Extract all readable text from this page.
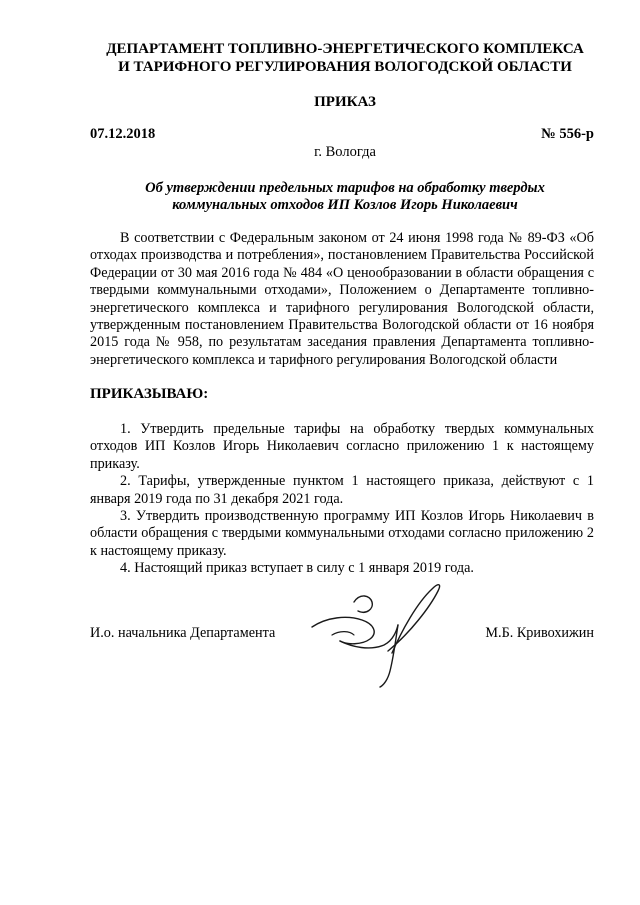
ДЕПАРТАМЕНТ ТОПЛИВНО-ЭНЕРГЕТИЧЕСКОГО КОМПЛЕКСА
И ТАРИФНОГО РЕГУЛИРОВАНИЯ ВОЛОГОДСКОЙ ОБЛАСТИ
ПРИКАЗ
07.12.2018	№ 556-р
г. Вологда
Об утверждении предельных тарифов на обработку твердых
коммунальных отходов ИП Козлов Игорь Николаевич
В соответствии с Федеральным законом от 24 июня 1998 года № 89-ФЗ «Об отходах производства и потребления», постановлением Правительства Российской Федерации от 30 мая 2016 года № 484 «О ценообразовании в области обращения с твердыми коммунальными отходами», Положением о Департаменте топливно-энергетического комплекса и тарифного регулирования Вологодской области, утвержденным постановлением Правительства Вологодской области от 16 ноября 2015 года № 958, по результатам заседания правления Департамента топливно-энергетического комплекса и тарифного регулирования Вологодской области
ПРИКАЗЫВАЮ:
1. Утвердить предельные тарифы на обработку твердых коммунальных отходов ИП Козлов Игорь Николаевич согласно приложению 1 к настоящему приказу.
2. Тарифы, утвержденные пунктом 1 настоящего приказа, действуют с 1 января 2019 года по 31 декабря 2021 года.
3. Утвердить производственную программу ИП Козлов Игорь Николаевич в области обращения с твердыми коммунальными отходами согласно приложению 2 к настоящему приказу.
4. Настоящий приказ вступает в силу с 1 января 2019 года.
И.о. начальника Департамента	М.Б. Кривохижин
